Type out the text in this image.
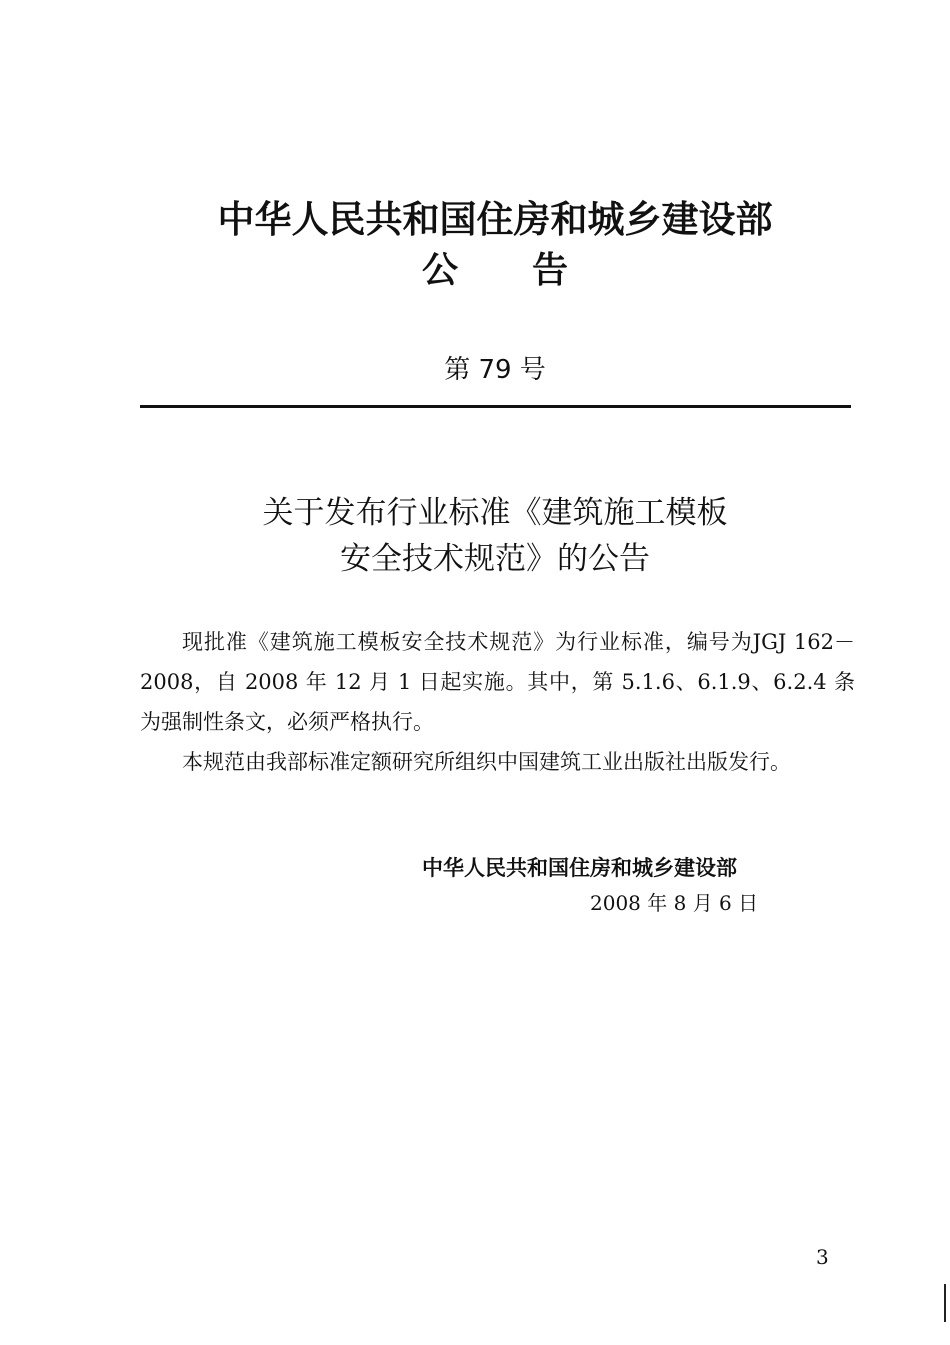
中华人民共和国住房和城乡建设部
公告
第 79 号
关于发布行业标准《建筑施工模板
安全技术规范》的公告

现批准《建筑施工模板安全技术规范》为行业标准，编号为JGJ 162－2008，自 2008 年 12 月 1 日起实施。其中，第 5.1.6、6.1.9、6.2.4 条为强制性条文，必须严格执行。

本规范由我部标准定额研究所组织中国建筑工业出版社出版发行。

中华人民共和国住房和城乡建设部
2008 年 8 月 6 日
3
